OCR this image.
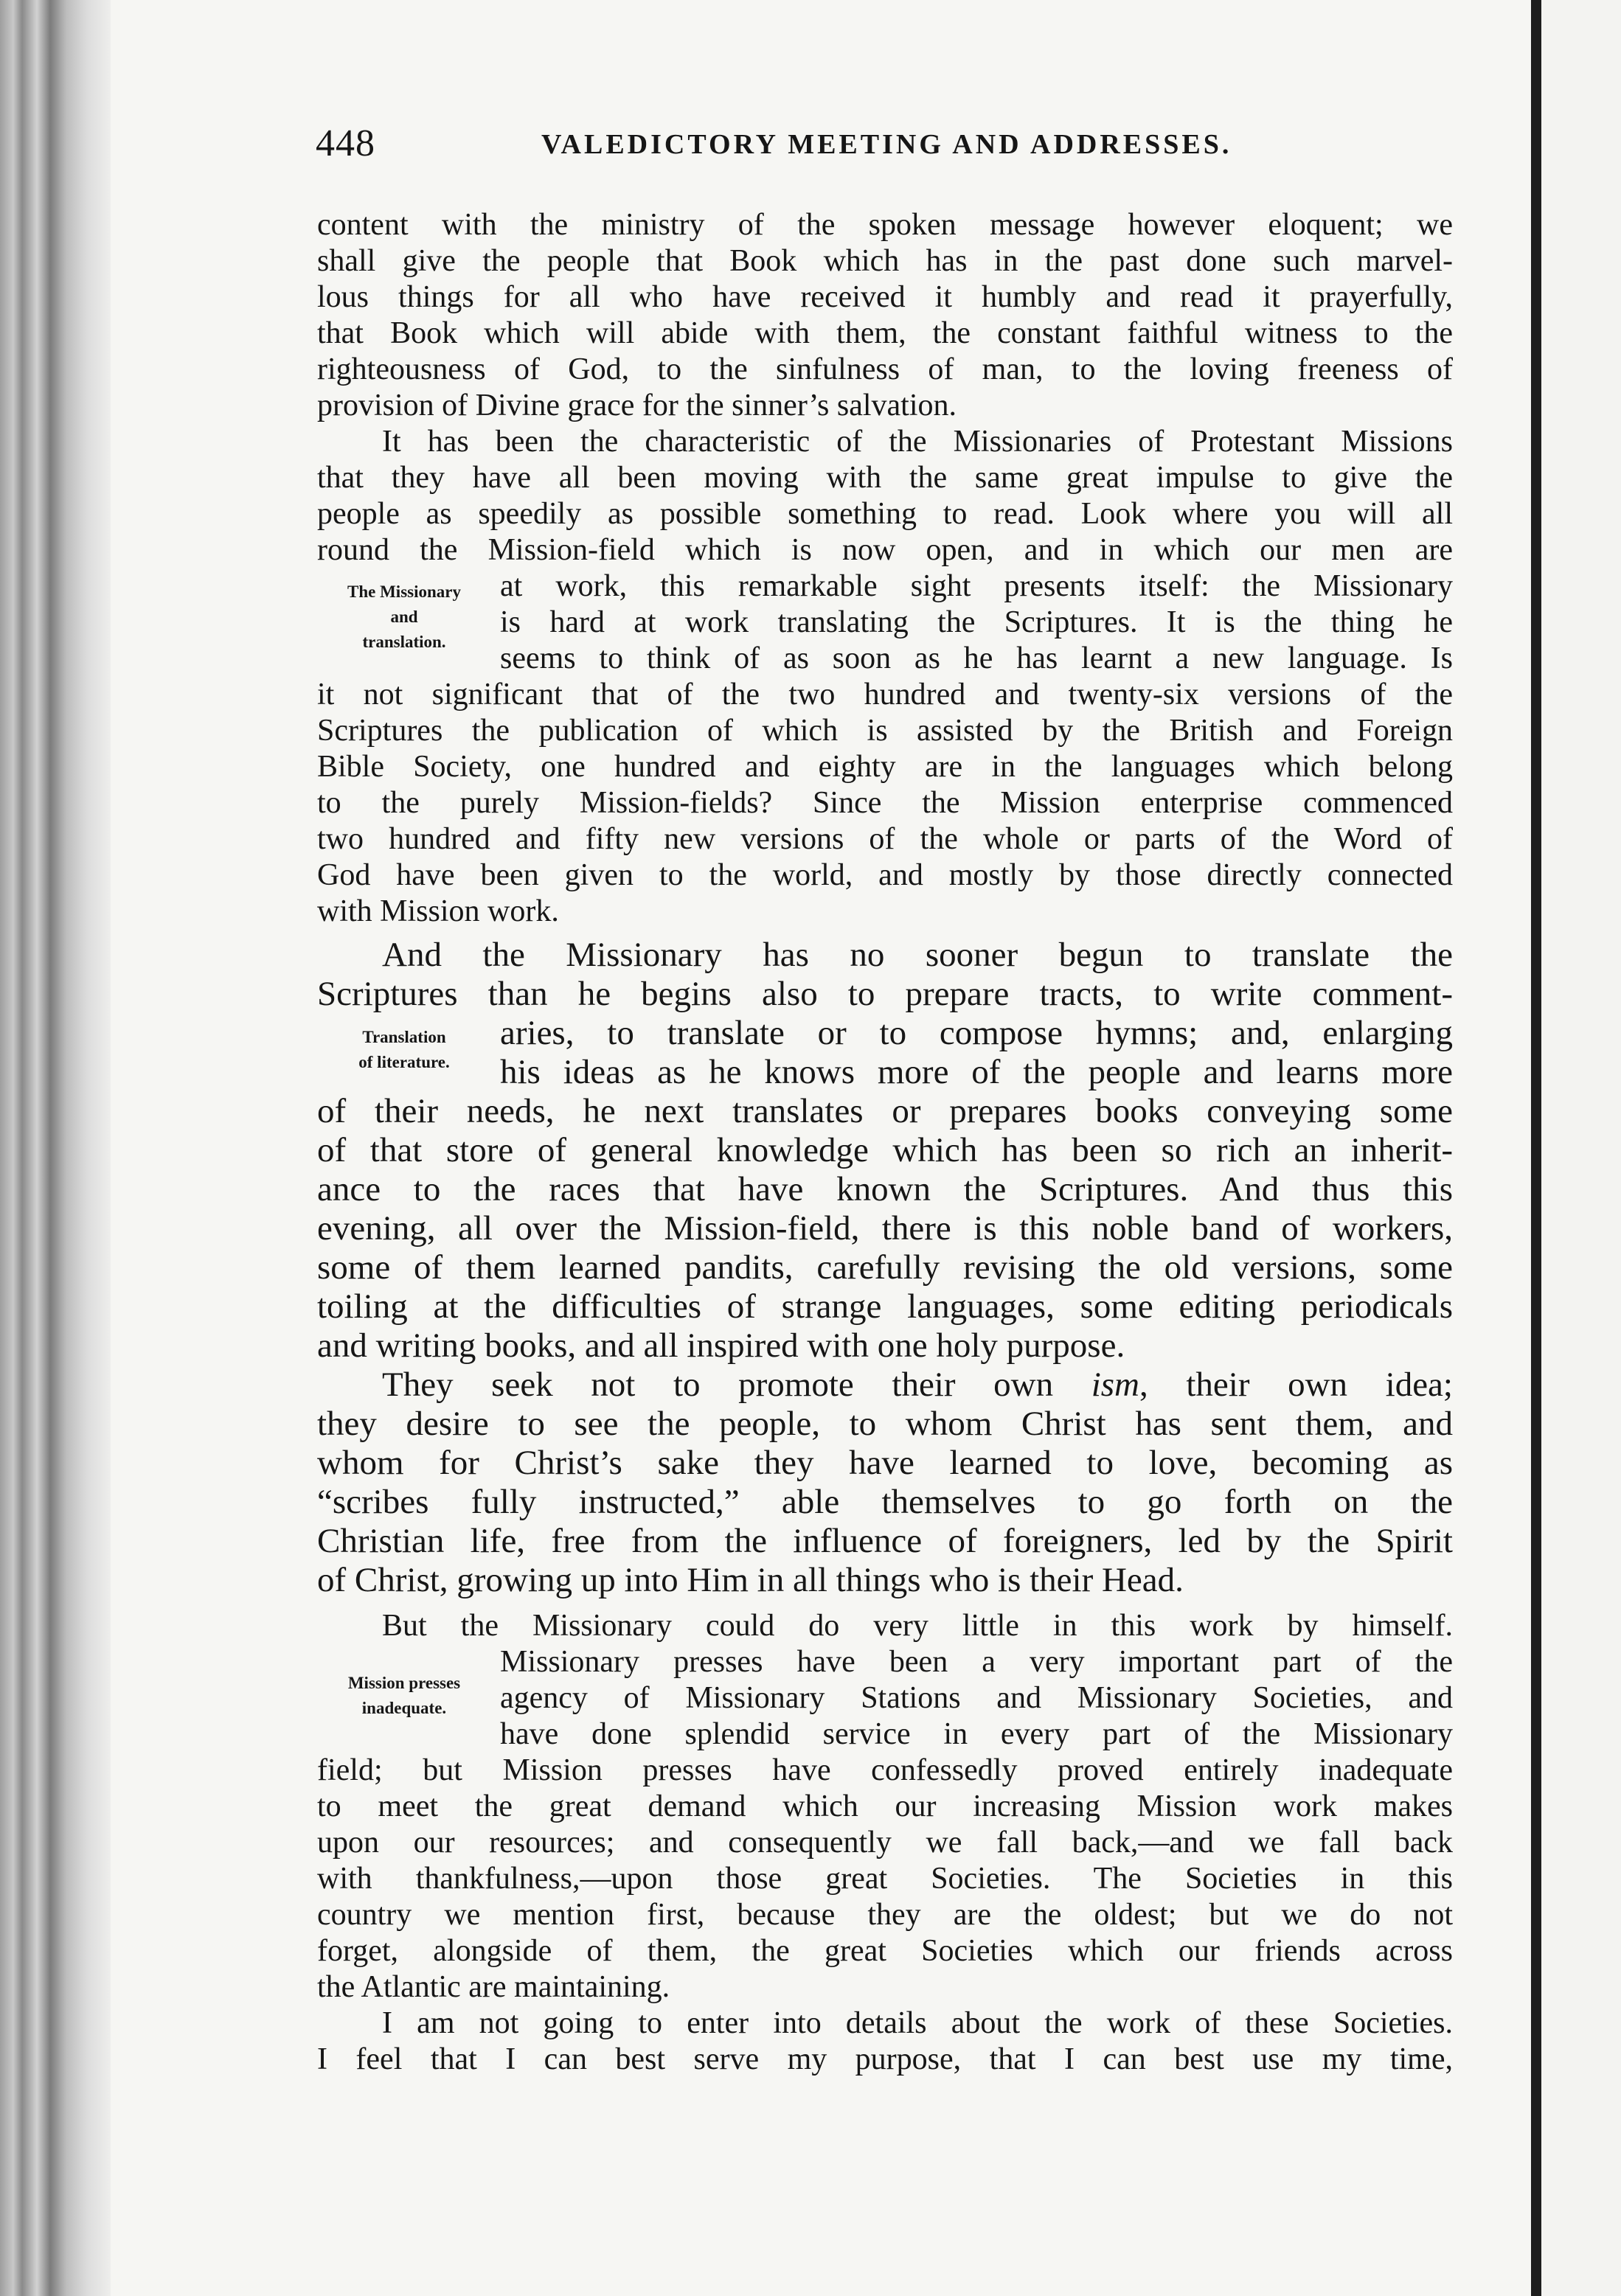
448	VALEDICTORY MEETING AND ADDRESSES.
content with the ministry of the spoken message however eloquent; we
shall give the people that Book which has in the past done such marvel-
lous things for all who have received it humbly and read it prayerfully,
that Book which will abide with them, the constant faithful witness to the
righteousness of God, to the sinfulness of man, to the loving freeness of
provision of Divine grace for the sinner’s salvation.
It has been the characteristic of the Missionaries of Protestant Missions
that they have all been moving with the same great impulse to give the
people as speedily as possible something to read. Look where you will all
round the Mission-field which is now open, and in which our men are
at work, this remarkable sight presents itself: the Missionary
is hard at work translating the Scriptures. It is the thing he
seems to think of as soon as he has learnt a new language. Is
it not significant that of the two hundred and twenty-six versions of the
Scriptures the publication of which is assisted by the British and Foreign
Bible Society, one hundred and eighty are in the languages which belong
to the purely Mission-fields? Since the Mission enterprise commenced
two hundred and fifty new versions of the whole or parts of the Word of
God have been given to the world, and mostly by those directly connected
with Mission work.
And the Missionary has no sooner begun to translate the
Scriptures than he begins also to prepare tracts, to write comment-
aries, to translate or to compose hymns; and, enlarging
his ideas as he knows more of the people and learns more
of their needs, he next translates or prepares books conveying some
of that store of general knowledge which has been so rich an inherit-
ance to the races that have known the Scriptures. And thus this
evening, all over the Mission-field, there is this noble band of workers,
some of them learned pandits, carefully revising the old versions, some
toiling at the difficulties of strange languages, some editing periodicals
and writing books, and all inspired with one holy purpose.
They seek not to promote their own ism, their own idea;
they desire to see the people, to whom Christ has sent them, and
whom for Christ’s sake they have learned to love, becoming as
“scribes fully instructed,” able themselves to go forth on the
Christian life, free from the influence of foreigners, led by the Spirit
of Christ, growing up into Him in all things who is their Head.
But the Missionary could do very little in this work by himself.
Missionary presses have been a very important part of the
agency of Missionary Stations and Missionary Societies, and
have done splendid service in every part of the Missionary
field; but Mission presses have confessedly proved entirely inadequate
to meet the great demand which our increasing Mission work makes
upon our resources; and consequently we fall back,—and we fall back
with thankfulness,—upon those great Societies. The Societies in this
country we mention first, because they are the oldest; but we do not
forget, alongside of them, the great Societies which our friends across
the Atlantic are maintaining.
I am not going to enter into details about the work of these Societies.
I feel that I can best serve my purpose, that I can best use my time,
The Missionary
and
translation.
Translation
of literature.
Mission presses
inadequate.
